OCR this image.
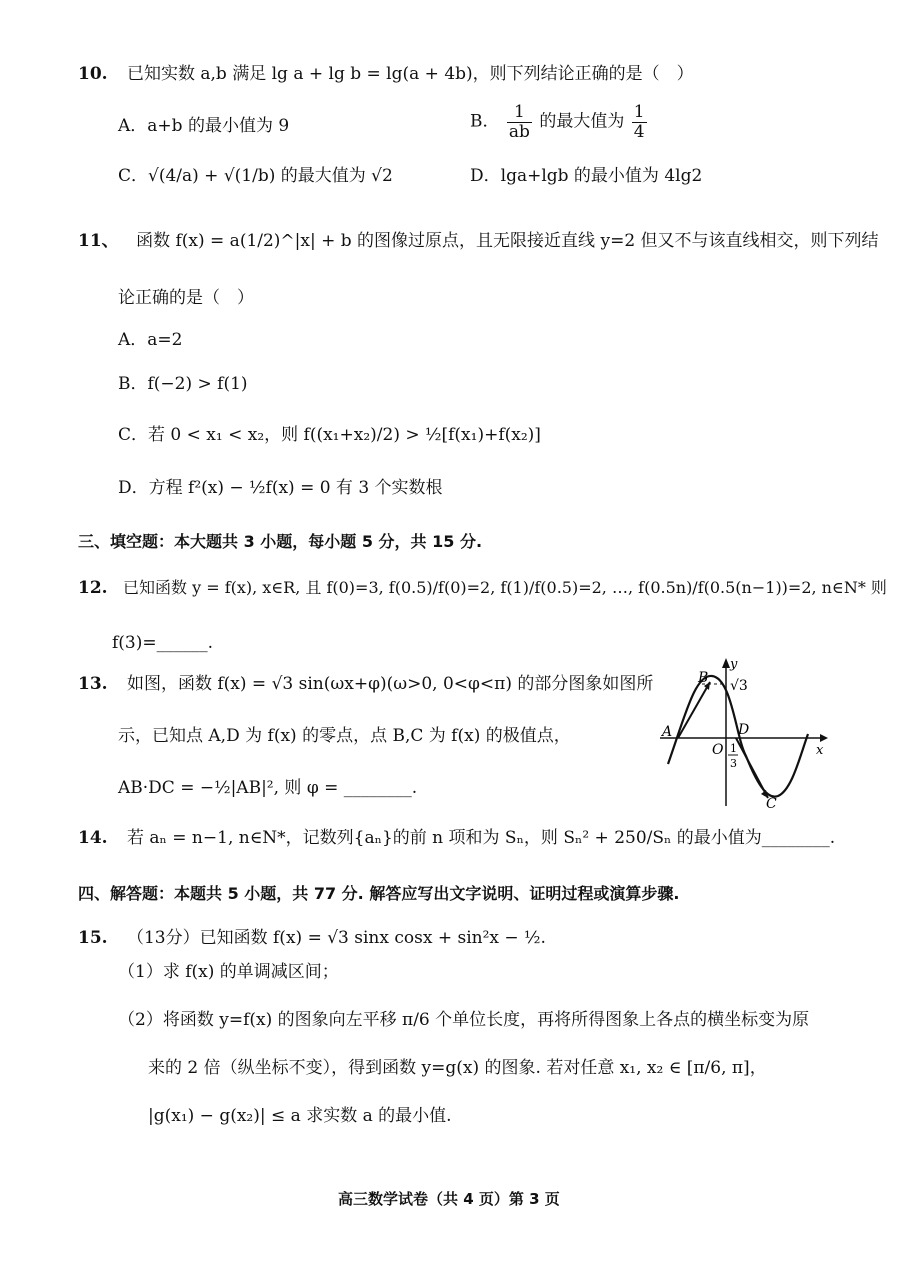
10. 已知实数 a,b 满足 lg a + lg b = lg(a + 4b)，则下列结论正确的是（　）
A．a+b 的最小值为 9	B． $\frac{1}{ab}$ 的最大值为 $\frac{1}{4}$
C．√(4/a) + √(1/b) 的最大值为 √2	D．lga+lgb 的最小值为 4lg2
11、 函数 f(x) = a(1/2)^|x| + b 的图像过原点，且无限接近直线 y=2 但又不与该直线相交，则下列结
论正确的是（　）
A．a=2
B．f(−2) > f(1)
C．若 0 < x₁ < x₂，则 f((x₁+x₂)/2) > ½[f(x₁)+f(x₂)]
D．方程 f²(x) − ½f(x) = 0 有 3 个实数根
三、填空题：本大题共 3 小题，每小题 5 分，共 15 分.
12. 已知函数 y = f(x), x∈R, 且 f(0)=3, f(0.5)/f(0)=2, f(1)/f(0.5)=2, …, f(0.5n)/f(0.5(n−1))=2, n∈N* 则
f(3)=______.
13. 如图，函数 f(x) = √3 sin(ωx+φ)(ω>0, 0<φ<π) 的部分图象如图所
示，已知点 A,D 为 f(x) 的零点，点 B,C 为 f(x) 的极值点，
AB·DC = −½|AB|², 则 φ = ________.
y
x
A
B
C
D
O
√3
1
3
14. 若 aₙ = n−1, n∈N*，记数列{aₙ}的前 n 项和为 Sₙ，则 Sₙ² + 250/Sₙ 的最小值为________.
四、解答题：本题共 5 小题，共 77 分. 解答应写出文字说明、证明过程或演算步骤.
15. （13分）已知函数 f(x) = √3 sinx cosx + sin²x − ½.
（1）求 f(x) 的单调减区间；
（2）将函数 y=f(x) 的图象向左平移 π/6 个单位长度，再将所得图象上各点的横坐标变为原
来的 2 倍（纵坐标不变），得到函数 y=g(x) 的图象. 若对任意 x₁, x₂ ∈ [π/6, π]，
|g(x₁) − g(x₂)| ≤ a 求实数 a 的最小值.
高三数学试卷（共 4 页）第 3 页
